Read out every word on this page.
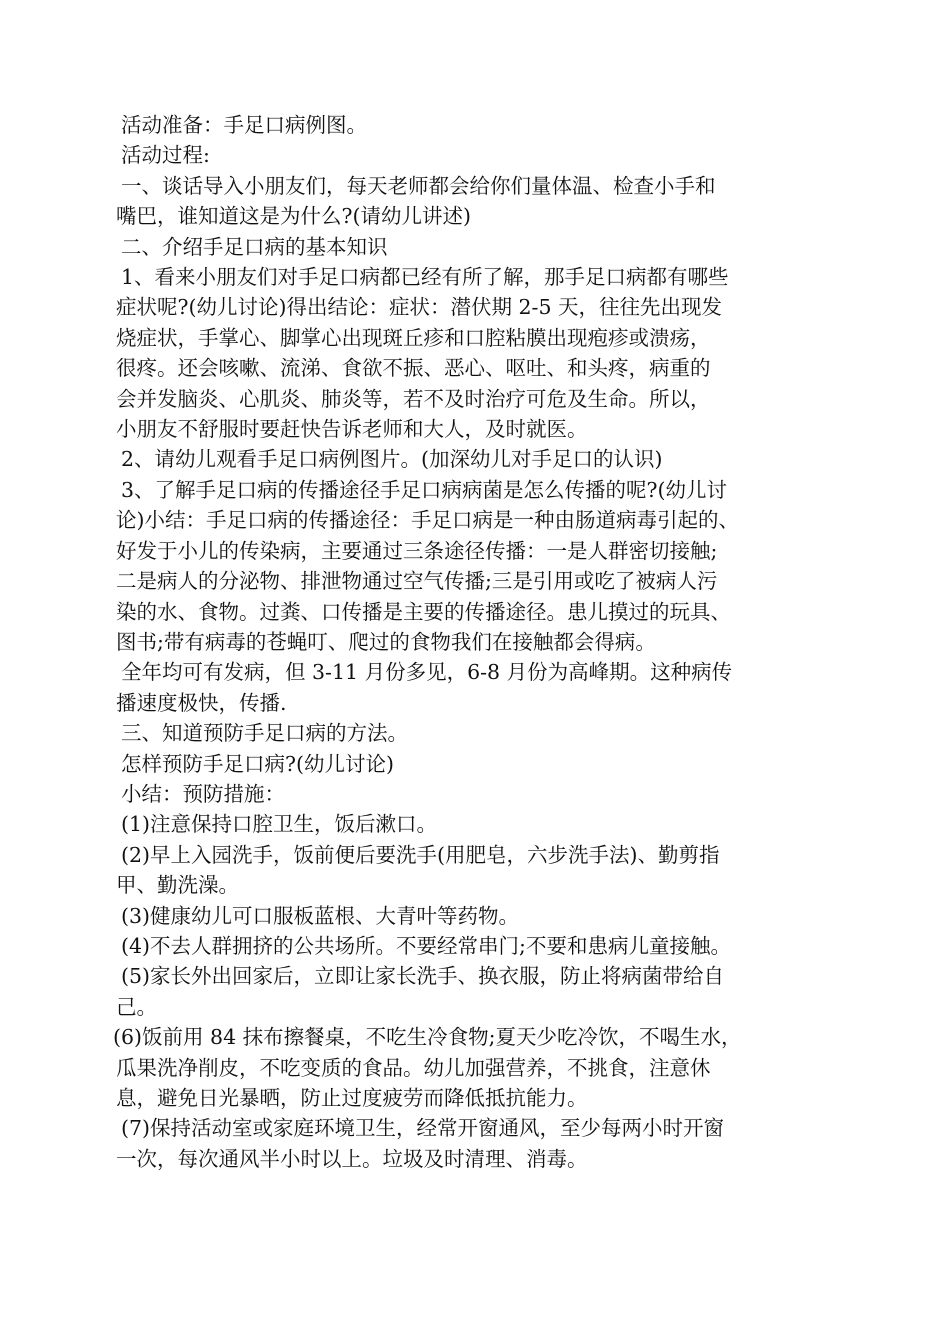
活动准备：手足口病例图。

活动过程:

一、谈话导入小朋友们，每天老师都会给你们量体温、检查小手和

嘴巴，谁知道这是为什么?(请幼儿讲述)

二、介绍手足口病的基本知识

1、看来小朋友们对手足口病都已经有所了解，那手足口病都有哪些

症状呢?(幼儿讨论)得出结论：症状：潜伏期 2-5 天，往往先出现发

烧症状，手掌心、脚掌心出现斑丘疹和口腔粘膜出现疱疹或溃疡，

很疼。还会咳嗽、流涕、食欲不振、恶心、呕吐、和头疼，病重的

会并发脑炎、心肌炎、肺炎等，若不及时治疗可危及生命。所以，

小朋友不舒服时要赶快告诉老师和大人，及时就医。

2、请幼儿观看手足口病例图片。(加深幼儿对手足口的认识)

3、了解手足口病的传播途径手足口病病菌是怎么传播的呢?(幼儿讨

论)小结：手足口病的传播途径：手足口病是一种由肠道病毒引起的、

好发于小儿的传染病，主要通过三条途径传播：一是人群密切接触;

二是病人的分泌物、排泄物通过空气传播;三是引用或吃了被病人污

染的水、食物。过粪、口传播是主要的传播途径。患儿摸过的玩具、

图书;带有病毒的苍蝇叮、爬过的食物我们在接触都会得病。

全年均可有发病，但 3-11 月份多见，6-8 月份为高峰期。这种病传

播速度极快，传播.

三、知道预防手足口病的方法。

怎样预防手足口病?(幼儿讨论)

小结：预防措施：

(1)注意保持口腔卫生，饭后漱口。

(2)早上入园洗手，饭前便后要洗手(用肥皂，六步洗手法)、勤剪指

甲、勤洗澡。

(3)健康幼儿可口服板蓝根、大青叶等药物。

(4)不去人群拥挤的公共场所。不要经常串门;不要和患病儿童接触。

(5)家长外出回家后，立即让家长洗手、换衣服，防止将病菌带给自

己。

(6)饭前用 84 抹布擦餐桌，不吃生冷食物;夏天少吃冷饮，不喝生水，

瓜果洗净削皮，不吃变质的食品。幼儿加强营养，不挑食，注意休

息，避免日光暴晒，防止过度疲劳而降低抵抗能力。

(7)保持活动室或家庭环境卫生，经常开窗通风，至少每两小时开窗

一次，每次通风半小时以上。垃圾及时清理、消毒。
